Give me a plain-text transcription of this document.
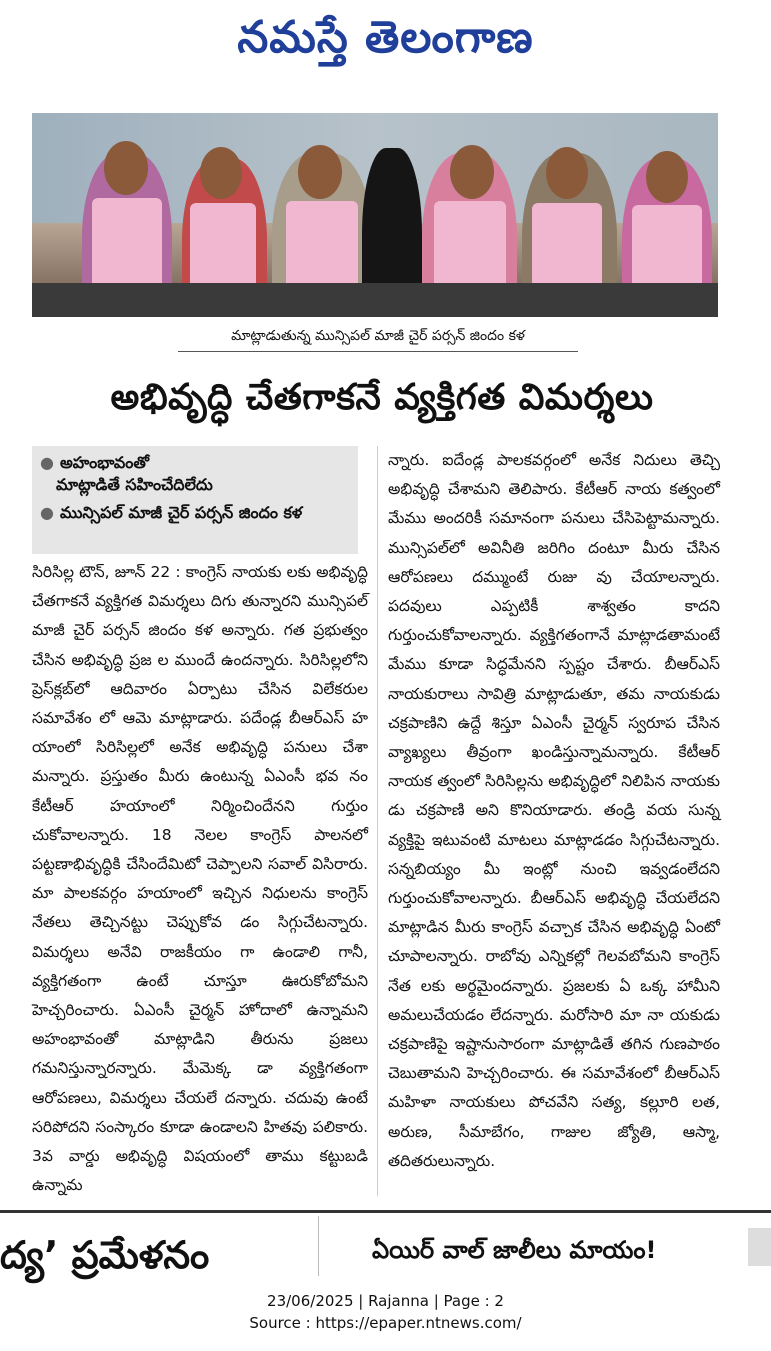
నమస్తే తెలంగాణ
మాట్లాడుతున్న మున్సిపల్ మాజీ చైర్ పర్సన్ జిందం కళ
అభివృద్ధి చేతగాకనే వ్యక్తిగత విమర్శలు

● అహంభావంతో

మాట్లాడితే సహించేదిలేదు

● మున్సిపల్ మాజీ చైర్ పర్సన్ జిందం కళ

సిరిసిల్ల టౌన్, జూన్ 22 : కాంగ్రెస్ నాయకు లకు అభివృద్ధి చేతగాకనే వ్యక్తిగత విమర్శలు దిగు తున్నారని మున్సిపల్ మాజీ చైర్ పర్సన్ జిందం కళ అన్నారు. గత ప్రభుత్వం చేసిన అభివృద్ధి ప్రజ ల ముందే ఉందన్నారు. సిరిసిల్లలోని ప్రెస్‌క్లబ్‌లో ఆదివారం ఏర్పాటు చేసిన విలేకరుల సమావేశం లో ఆమె మాట్లాడారు. పదేండ్ల బీఆర్‌ఎస్ హ యాంలో సిరిసిల్లలో అనేక అభివృద్ధి పనులు చేశా మన్నారు. ప్రస్తుతం మీరు ఉంటున్న ఏఎంసీ భవ నం కేటీఆర్ హయాంలో నిర్మించిందేనని గుర్తుం చుకోవాలన్నారు. 18 నెలల కాంగ్రెస్ పాలనలో పట్టణాభివృద్ధికి చేసిందేమిటో చెప్పాలని సవాల్ విసిరారు. మా పాలకవర్గం హయాంలో ఇచ్చిన నిధులను కాంగ్రెస్ నేతలు తెచ్చినట్టు చెప్పుకోవ డం సిగ్గుచేటన్నారు. విమర్శలు అనేవి రాజకీయం గా ఉండాలి గానీ, వ్యక్తిగతంగా ఉంటే చూస్తూ ఊరుకోబోమని హెచ్చరించారు. ఏఎంసీ చైర్మన్ హోదాలో ఉన్నామని అహంభావంతో మాట్లాడిని తీరును ప్రజలు గమనిస్తున్నారన్నారు. మేమెక్క డా వ్యక్తిగతంగా ఆరోపణలు, విమర్శలు చేయలే దన్నారు. చదువు ఉంటే సరిపోదని సంస్కారం కూడా ఉండాలని హితవు పలికారు. 3వ వార్డు అభివృద్ధి విషయంలో తాము కట్టుబడి ఉన్నామ

న్నారు. ఐదేండ్ల పాలకవర్గంలో అనేక నిదులు తెచ్చి అభివృద్ధి చేశామని తెలిపారు. కేటీఆర్ నాయ కత్వంలో మేము అందరికీ సమానంగా పనులు చేసిపెట్టామన్నారు. మున్సిపల్‌లో అవినీతి జరిగిం దంటూ మీరు చేసిన ఆరోపణలు దమ్ముంటే రుజు వు చేయాలన్నారు. పదవులు ఎప్పటికీ శాశ్వతం కాదని గుర్తుంచుకోవాలన్నారు. వ్యక్తిగతంగానే మాట్లాడతామంటే మేము కూడా సిద్ధమేనని స్పష్టం చేశారు. బీఆర్‌ఎస్ నాయకురాలు సావిత్రి మాట్లాడుతూ, తమ నాయకుడు చక్రపాణిని ఉద్దే శిస్తూ ఏఎంసీ చైర్మన్ స్వరూప చేసిన వ్యాఖ్యలు తీవ్రంగా ఖండిస్తున్నామన్నారు. కేటీఆర్ నాయక త్వంలో సిరిసిల్లను అభివృద్ధిలో నిలిపిన నాయకు డు చక్రపాణి అని కొనియాడారు. తండ్రి వయ సున్న వ్యక్తిపై ఇటువంటి మాటలు మాట్లాడడం సిగ్గుచేటన్నారు. సన్నబియ్యం మీ ఇంట్లో నుంచి ఇవ్వడంలేదని గుర్తుంచుకోవాలన్నారు. బీఆర్‌ఎస్ అభివృద్ధి చేయలేదని మాట్లాడిన మీరు కాంగ్రెస్ వచ్చాక చేసిన అభివృద్ధి ఏంటో చూపాలన్నారు. రాబోవు ఎన్నికల్లో గెలవబోమని కాంగ్రెస్ నేత లకు అర్థమైందన్నారు. ప్రజలకు ఏ ఒక్క హామీని అమలుచేయడం లేదన్నారు. మరోసారి మా నా యకుడు చక్రపాణిపై ఇష్టానుసారంగా మాట్లాడితే తగిన గుణపాఠం చెబుతామని హెచ్చరించారు. ఈ సమావేశంలో బీఆర్‌ఎస్ మహిళా నాయకులు పోచవేని సత్య, కల్లూరి లత, అరుణ, సీమాబేగం, గాజుల జ్యోతి, ఆస్మా, తదితరులున్నారు.

ద్య’ ప్రమేళనం	ఏయిర్ వాల్ జాలీలు మాయం!
23/06/2025 | Rajanna | Page : 2
Source : https://epaper.ntnews.com/
